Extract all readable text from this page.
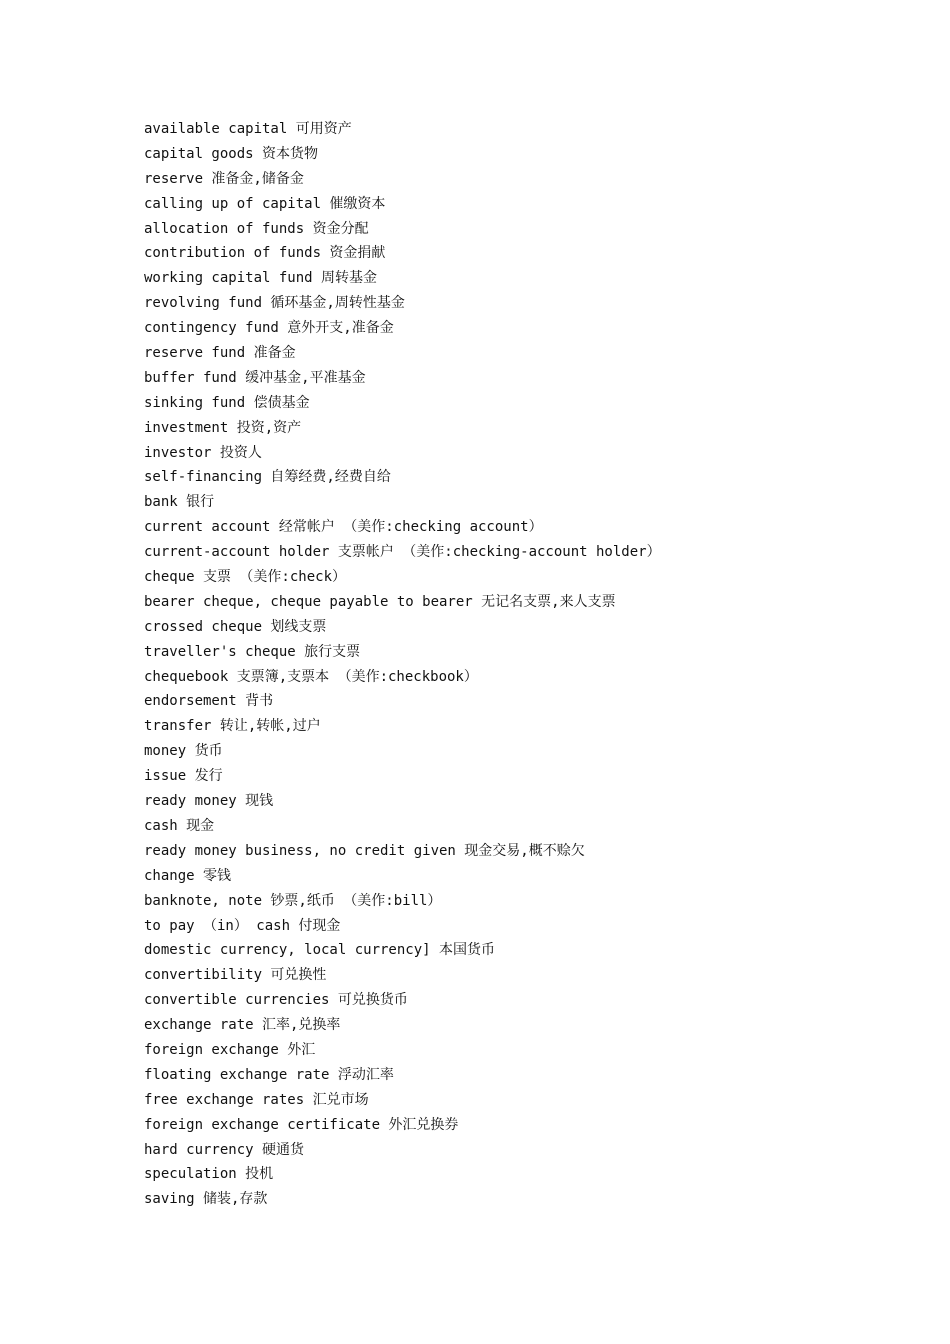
available capital 可用资产
capital goods 资本货物
reserve 准备金,储备金
calling up of capital 催缴资本
allocation of funds 资金分配
contribution of funds 资金捐献
working capital fund 周转基金
revolving fund 循环基金,周转性基金
contingency fund 意外开支,准备金
reserve fund 准备金
buffer fund 缓冲基金,平准基金
sinking fund 偿债基金
investment 投资,资产
investor 投资人
self-financing 自筹经费,经费自给
bank 银行
current account 经常帐户 （美作:checking account）
current-account holder 支票帐户 （美作:checking-account holder）
cheque 支票 （美作:check）
bearer cheque, cheque payable to bearer 无记名支票,来人支票
crossed cheque 划线支票
traveller's cheque 旅行支票
chequebook 支票簿,支票本 （美作:checkbook）
endorsement 背书
transfer 转让,转帐,过户
money 货币
issue 发行
ready money 现钱
cash 现金
ready money business, no credit given 现金交易,概不赊欠
change 零钱
banknote, note 钞票,纸币 （美作:bill）
to pay （in） cash 付现金
domestic currency, local currency] 本国货币
convertibility 可兑换性
convertible currencies 可兑换货币
exchange rate 汇率,兑换率
foreign exchange 外汇
floating exchange rate 浮动汇率
free exchange rates 汇兑市场
foreign exchange certificate 外汇兑换券
hard currency 硬通货
speculation 投机
saving 储装,存款
